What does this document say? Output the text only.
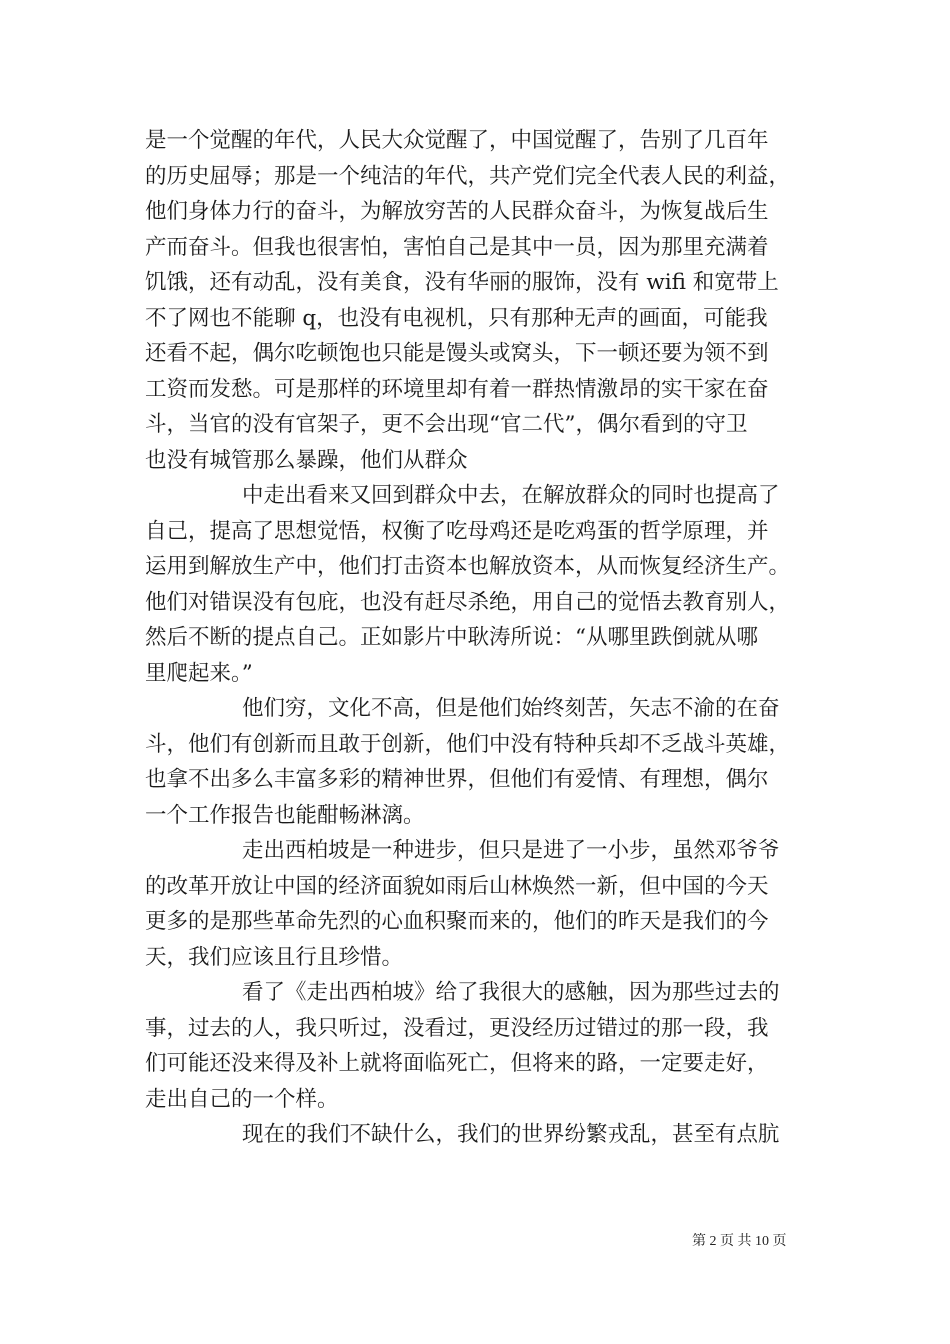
是一个觉醒的年代，人民大众觉醒了，中国觉醒了，告别了几百年
的历史屈辱；那是一个纯洁的年代，共产党们完全代表人民的利益，
他们身体力行的奋斗，为解放穷苦的人民群众奋斗，为恢复战后生
产而奋斗。但我也很害怕，害怕自己是其中一员，因为那里充满着
饥饿，还有动乱，没有美食，没有华丽的服饰，没有 wifi 和宽带上
不了网也不能聊 q，也没有电视机，只有那种无声的画面，可能我
还看不起，偶尔吃顿饱也只能是馒头或窝头，下一顿还要为领不到
工资而发愁。可是那样的环境里却有着一群热情激昂的实干家在奋
斗，当官的没有官架子，更不会出现“官二代”，偶尔看到的守卫
也没有城管那么暴躁，他们从群众
中走出看来又回到群众中去，在解放群众的同时也提高了
自己，提高了思想觉悟，权衡了吃母鸡还是吃鸡蛋的哲学原理，并
运用到解放生产中，他们打击资本也解放资本，从而恢复经济生产。
他们对错误没有包庇，也没有赶尽杀绝，用自己的觉悟去教育别人，
然后不断的提点自己。正如影片中耿涛所说：“从哪里跌倒就从哪
里爬起来。”
他们穷，文化不高，但是他们始终刻苦，矢志不渝的在奋
斗，他们有创新而且敢于创新，他们中没有特种兵却不乏战斗英雄，
也拿不出多么丰富多彩的精神世界，但他们有爱情、有理想，偶尔
一个工作报告也能酣畅淋漓。
走出西柏坡是一种进步，但只是进了一小步，虽然邓爷爷
的改革开放让中国的经济面貌如雨后山林焕然一新，但中国的今天
更多的是那些革命先烈的心血积聚而来的，他们的昨天是我们的今
天，我们应该且行且珍惜。
看了《走出西柏坡》给了我很大的感触，因为那些过去的
事，过去的人，我只听过，没看过，更没经历过错过的那一段，我
们可能还没来得及补上就将面临死亡，但将来的路，一定要走好，
走出自己的一个样。
现在的我们不缺什么，我们的世界纷繁戎乱，甚至有点肮
第 2 页 共 10 页
